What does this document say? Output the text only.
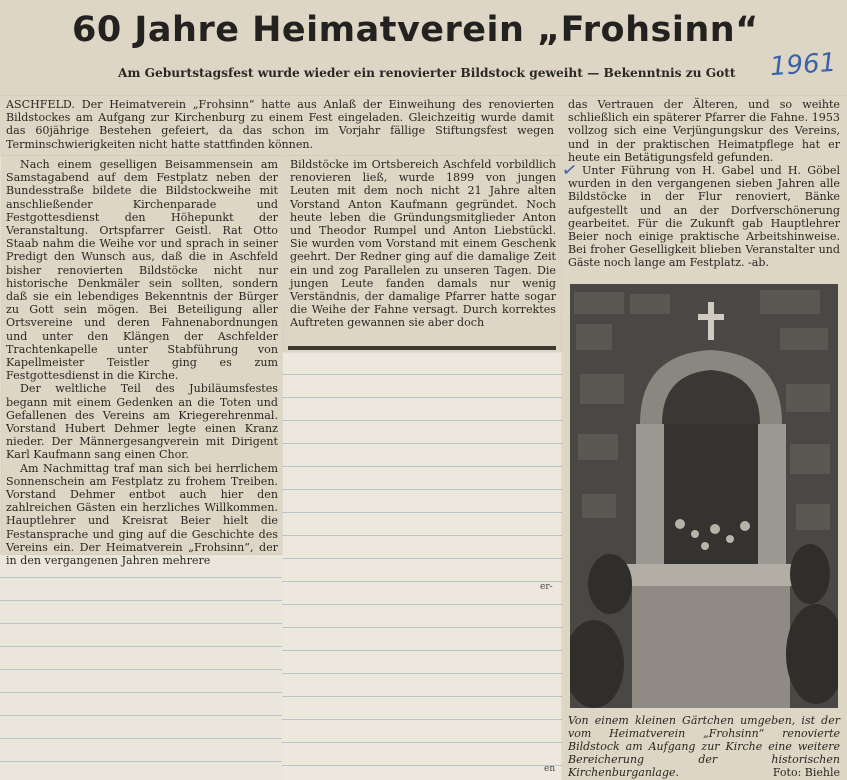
60 Jahre Heimatverein „Frohsinn“
Am Geburtstagsfest wurde wieder ein renovierter Bildstock geweiht — Bekenntnis zu Gott 1961

ASCHFELD. Der Heimatverein „Frohsinn“ hatte aus Anlaß der Einweihung des renovierten Bildstockes am Aufgang zur Kirchenburg zu einem Fest eingeladen. Gleichzeitig wurde damit das 60jährige Bestehen gefeiert, da das schon im Vorjahr fällige Stiftungsfest wegen Terminschwierigkeiten nicht hatte stattfinden können.

Nach einem geselligen Beisammensein am Samstagabend auf dem Festplatz neben der Bundesstraße bildete die Bildstockweihe mit anschließender Kirchenparade und Festgottesdienst den Höhepunkt der Veranstaltung. Ortspfarrer Geistl. Rat Otto Staab nahm die Weihe vor und sprach in seiner Predigt den Wunsch aus, daß die in Aschfeld bisher renovierten Bildstöcke nicht nur historische Denkmäler sein sollten, sondern daß sie ein lebendiges Bekenntnis der Bürger zu Gott sein mögen. Bei Beteiligung aller Ortsvereine und deren Fahnenabordnungen und unter den Klängen der Aschfelder Trachtenkapelle unter Stabführung von Kapellmeister Teistler ging es zum Festgottesdienst in die Kirche.

Der weltliche Teil des Jubiläumsfestes begann mit einem Gedenken an die Toten und Gefallenen des Vereins am Kriegerehrenmal. Vorstand Hubert Dehmer legte einen Kranz nieder. Der Männergesangverein mit Dirigent Karl Kaufmann sang einen Chor.

Am Nachmittag traf man sich bei herrlichem Sonnenschein am Festplatz zu frohem Treiben. Vorstand Dehmer entbot auch hier den zahlreichen Gästen ein herzliches Willkommen. Hauptlehrer und Kreisrat Beier hielt die Festansprache und ging auf die Geschichte des Vereins ein. Der Heimatverein „Frohsinn“, der in den vergangenen Jahren mehrere

Bildstöcke im Ortsbereich Aschfeld vorbildlich renovieren ließ, wurde 1899 von jungen Leuten mit dem noch nicht 21 Jahre alten Vorstand Anton Kaufmann gegründet. Noch heute leben die Gründungsmitglieder Anton und Theodor Rumpel und Anton Liebstückl. Sie wurden vom Vorstand mit einem Geschenk geehrt. Der Redner ging auf die damalige Zeit ein und zog Parallelen zu unseren Tagen. Die jungen Leute fanden damals nur wenig Verständnis, der damalige Pfarrer hatte sogar die Weihe der Fahne versagt. Durch korrektes Auftreten gewannen sie aber doch

✓

das Vertrauen der Älteren, und so weihte schließlich ein späterer Pfarrer die Fahne. 1953 vollzog sich eine Verjüngungskur des Vereins, und in der praktischen Heimatpflege hat er heute ein Betätigungsfeld gefunden.

Unter Führung von H. Gabel und H. Göbel wurden in den vergangenen sieben Jahren alle Bildstöcke in der Flur renoviert, Bänke aufgestellt und an der Dorfverschönerung gearbeitet. Für die Zukunft gab Hauptlehrer Beier noch einige praktische Arbeitshinweise. Bei froher Geselligkeit blieben Veranstalter und Gäste noch lange am Festplatz. -ab.

Von einem kleinen Gärtchen umgeben, ist der vom Heimatverein „Frohsinn“ renovierte Bildstock am Aufgang zur Kirche eine weitere Bereicherung der historischen Kirchenburganlage.	Foto: Biehle
er-
en
